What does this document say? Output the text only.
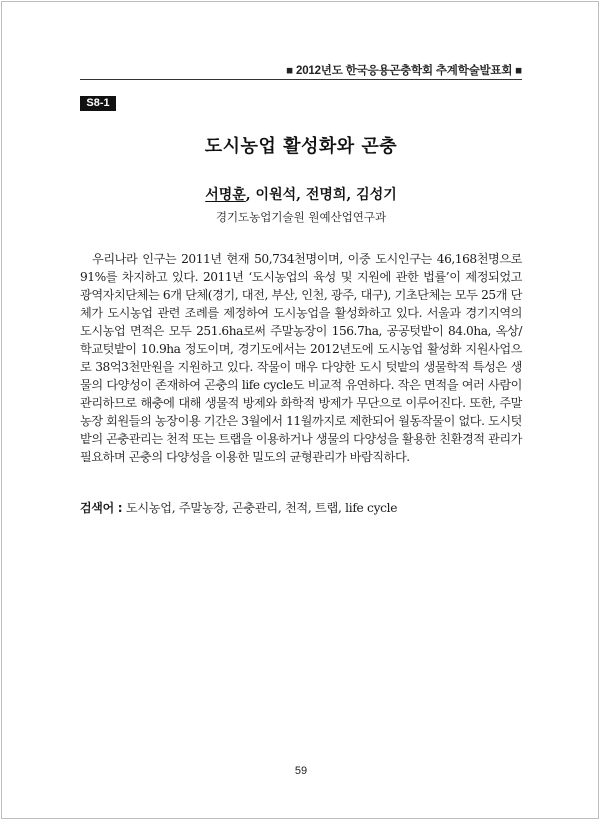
■ 2012년도 한국응용곤충학회 추계학술발표회 ■
S8-1
도시농업 활성화와 곤충
서명훈, 이원석, 전명희, 김성기
경기도농업기술원 원예산업연구과

우리나라 인구는 2011년 현재 50,734천명이며, 이중 도시인구는 46,168천명으로 91%를 차지하고 있다. 2011년 ‘도시농업의 육성 및 지원에 관한 법률’이 제정되었고 광역자치단체는 6개 단체(경기, 대전, 부산, 인천, 광주, 대구), 기초단체는 모두 25개 단체가 도시농업 관련 조례를 제정하여 도시농업을 활성화하고 있다. 서울과 경기지역의 도시농업 면적은 모두 251.6ha로써 주말농장이 156.7ha, 공공텃밭이 84.0ha, 옥상/학교텃밭이 10.9ha 정도이며, 경기도에서는 2012년도에 도시농업 활성화 지원사업으로 38억3천만원을 지원하고 있다. 작물이 매우 다양한 도시 텃밭의 생물학적 특성은 생물의 다양성이 존재하여 곤충의 life cycle도 비교적 유연하다. 작은 면적을 여러 사람이 관리하므로 해충에 대해 생물적 방제와 화학적 방제가 무단으로 이루어진다. 또한, 주말농장 회원들의 농장이용 기간은 3월에서 11월까지로 제한되어 월동작물이 없다. 도시텃밭의 곤충관리는 천적 또는 트랩을 이용하거나 생물의 다양성을 활용한 친환경적 관리가 필요하며 곤충의 다양성을 이용한 밀도의 균형관리가 바람직하다.

검색어 : 도시농업, 주말농장, 곤충관리, 천적, 트랩, life cycle
59
